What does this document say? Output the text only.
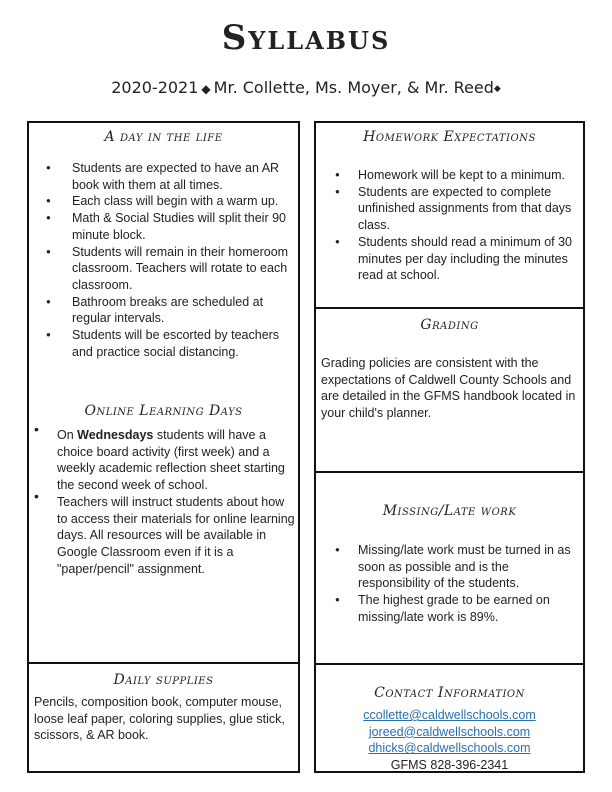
Syllabus
2020-2021 ◆ Mr. Collette, Ms. Moyer, & Mr. Reed◆
A day in the life
● Students are expected to have an AR book with them at all times.
● Each class will begin with a warm up.
● Math & Social Studies will split their 90 minute block.
● Students will remain in their homeroom classroom. Teachers will rotate to each classroom.
● Bathroom breaks are scheduled at regular intervals.
● Students will be escorted by teachers and practice social distancing.
Online Learning Days
• On Wednesdays students will have a choice board activity (first week) and a weekly academic reflection sheet starting the second week of school.
• Teachers will instruct students about how to access their materials for online learning days. All resources will be available in Google Classroom even if it is a "paper/pencil" assignment.
Daily supplies
Pencils, composition book, computer mouse, loose leaf paper, coloring supplies, glue stick, scissors, & AR book.
Homework Expectations
● Homework will be kept to a minimum.
● Students are expected to complete unfinished assignments from that days class.
● Students should read a minimum of 30 minutes per day including the minutes read at school.
Grading
Grading policies are consistent with the expectations of Caldwell County Schools and are detailed in the GFMS handbook located in your child's planner.
Missing/Late work
● Missing/late work must be turned in as soon as possible and is the responsibility of the students.
● The highest grade to be earned on missing/late work is 89%.
Contact Information
ccollette@caldwellschools.com
joreed@caldwellschools.com
dhicks@caldwellschools.com
GFMS 828-396-2341
